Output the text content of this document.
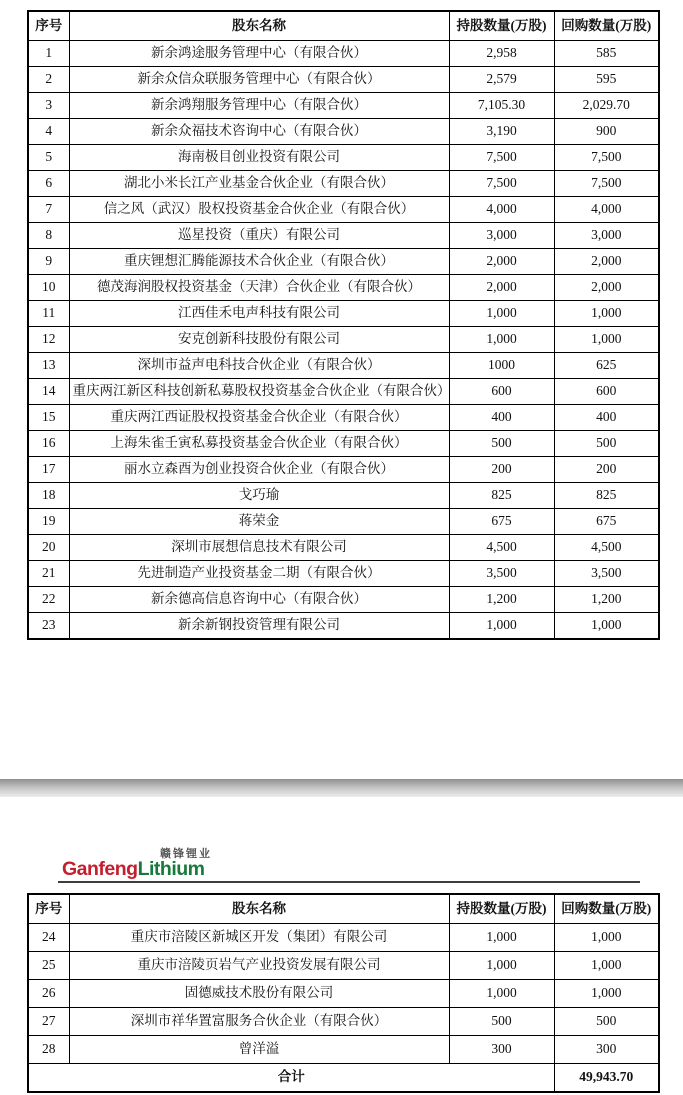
序号	股东名称	持股数量(万股)	回购数量(万股)
1	新余鸿途服务管理中心（有限合伙）	2,958	585
2	新余众信众联服务管理中心（有限合伙）	2,579	595
3	新余鸿翔服务管理中心（有限合伙）	7,105.30	2,029.70
4	新余众福技术咨询中心（有限合伙）	3,190	900
5	海南极目创业投资有限公司	7,500	7,500
6	湖北小米长江产业基金合伙企业（有限合伙）	7,500	7,500
7	信之风（武汉）股权投资基金合伙企业（有限合伙）	4,000	4,000
8	巡星投资（重庆）有限公司	3,000	3,000
9	重庆锂想汇腾能源技术合伙企业（有限合伙）	2,000	2,000
10	德茂海润股权投资基金（天津）合伙企业（有限合伙）	2,000	2,000
11	江西佳禾电声科技有限公司	1,000	1,000
12	安克创新科技股份有限公司	1,000	1,000
13	深圳市益声电科技合伙企业（有限合伙）	1000	625
14	重庆两江新区科技创新私募股权投资基金合伙企业（有限合伙）	600	600
15	重庆两江西证股权投资基金合伙企业（有限合伙）	400	400
16	上海朱雀壬寅私募投资基金合伙企业（有限合伙）	500	500
17	丽水立森酉为创业投资合伙企业（有限合伙）	200	200
18	戈巧瑜	825	825
19	蒋荣金	675	675
20	深圳市展想信息技术有限公司	4,500	4,500
21	先进制造产业投资基金二期（有限合伙）	3,500	3,500
22	新余德高信息咨询中心（有限合伙）	1,200	1,200
23	新余新钢投资管理有限公司	1,000	1,000
赣锋锂业
GanfengLithium
序号	股东名称	持股数量(万股)	回购数量(万股)
24	重庆市涪陵区新城区开发（集团）有限公司	1,000	1,000
25	重庆市涪陵页岩气产业投资发展有限公司	1,000	1,000
26	固德威技术股份有限公司	1,000	1,000
27	深圳市祥华置富服务合伙企业（有限合伙）	500	500
28	曾洋溢	300	300
合计			49,943.70
